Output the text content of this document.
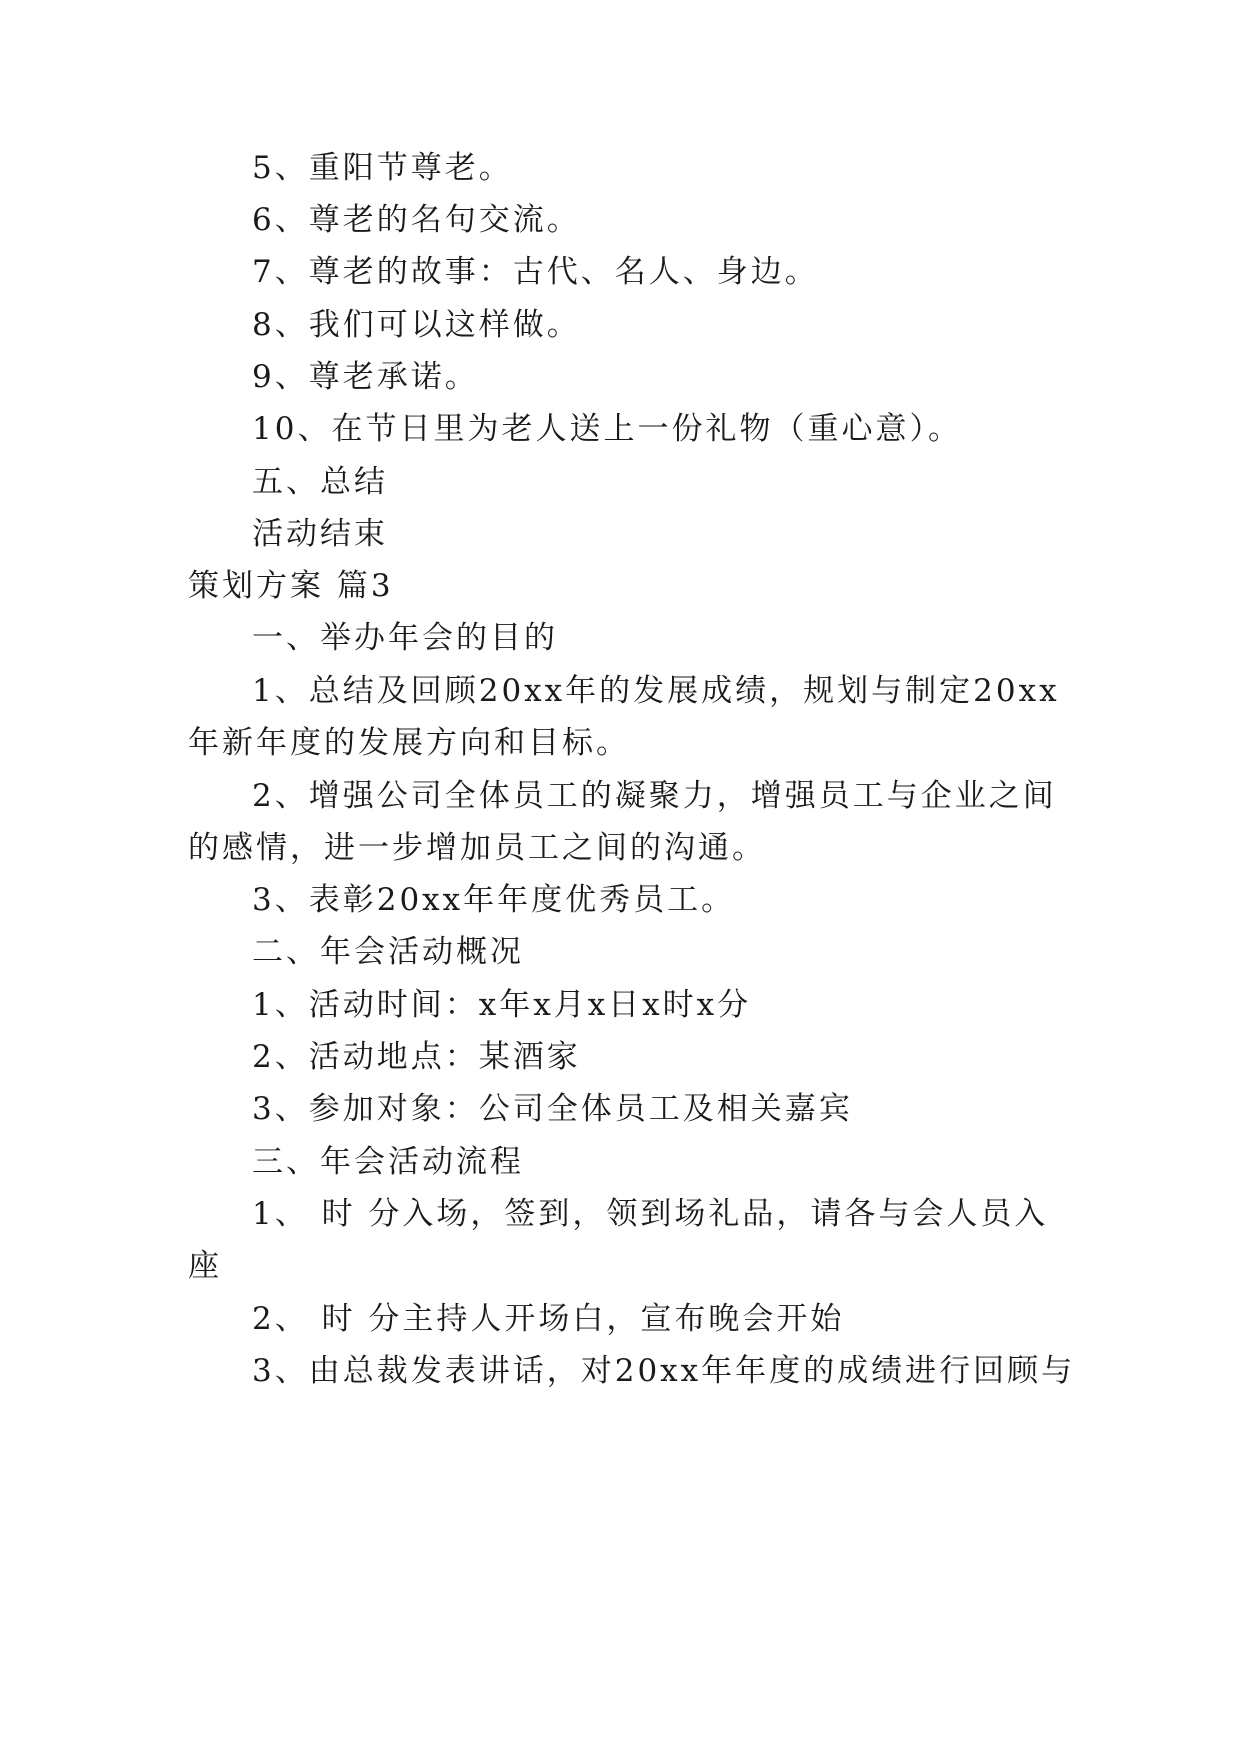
5、重阳节尊老。
6、尊老的名句交流。
7、尊老的故事：古代、名人、身边。
8、我们可以这样做。
9、尊老承诺。
10、在节日里为老人送上一份礼物（重心意）。
五、总结
活动结束
策划方案 篇3
一、举办年会的目的
1、总结及回顾20xx年的发展成绩，规划与制定20xx
年新年度的发展方向和目标。
2、增强公司全体员工的凝聚力，增强员工与企业之间
的感情，进一步增加员工之间的沟通。
3、表彰20xx年年度优秀员工。
二、年会活动概况
1、活动时间：x年x月x日x时x分
2、活动地点：某酒家
3、参加对象：公司全体员工及相关嘉宾
三、年会活动流程
1、 时 分入场，签到，领到场礼品，请各与会人员入
座
2、 时 分主持人开场白，宣布晚会开始
3、由总裁发表讲话，对20xx年年度的成绩进行回顾与
